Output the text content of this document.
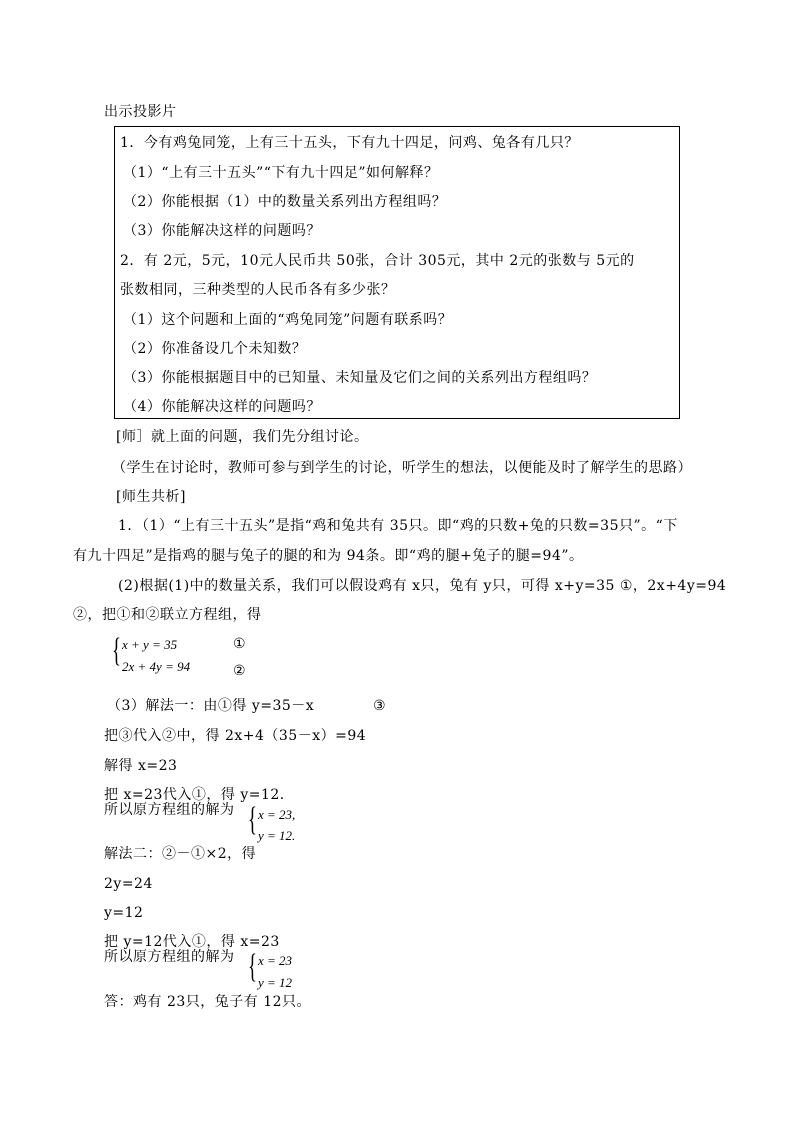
出示投影片
1．今有鸡兔同笼，上有三十五头，下有九十四足，问鸡、兔各有几只？
（1）“上有三十五头”“下有九十四足”如何解释？
（2）你能根据（1）中的数量关系列出方程组吗？
（3）你能解决这样的问题吗？
2．有 2元，5元，10元人民币共 50张，合计 305元，其中 2元的张数与 5元的
张数相同，三种类型的人民币各有多少张？
（1）这个问题和上面的“鸡兔同笼”问题有联系吗？
（2）你准备设几个未知数？
（3）你能根据题目中的已知量、未知量及它们之间的关系列出方程组吗？
（4）你能解决这样的问题吗？
[师］就上面的问题，我们先分组讨论。
（学生在讨论时，教师可参与到学生的讨论，听学生的想法，以便能及时了解学生的思路）
[师生共析]
1．（1）“上有三十五头”是指“鸡和兔共有 35只。即“鸡的只数+兔的只数=35只”。“下
有九十四足”是指鸡的腿与兔子的腿的和为 94条。即“鸡的腿+兔子的腿=94”。
(2)根据(1)中的数量关系，我们可以假设鸡有 x只，兔有 y只，可得 x+y=35 ①，2x+4y=94
②，把①和②联立方程组，得
{ x + y = 35
2x + 4y = 94
①
②
（3）解法一：由①得 y=35－x	③
把③代入②中，得 2x+4（35－x）=94
解得 x=23
把 x=23代入①，得 y=12.
所以原方程组的解为 { x = 23,
y = 12.
解法二：②－①×2，得
2y=24
y=12
把 y=12代入①，得 x=23
所以原方程组的解为 { x = 23
y = 12
答：鸡有 23只，兔子有 12只。
